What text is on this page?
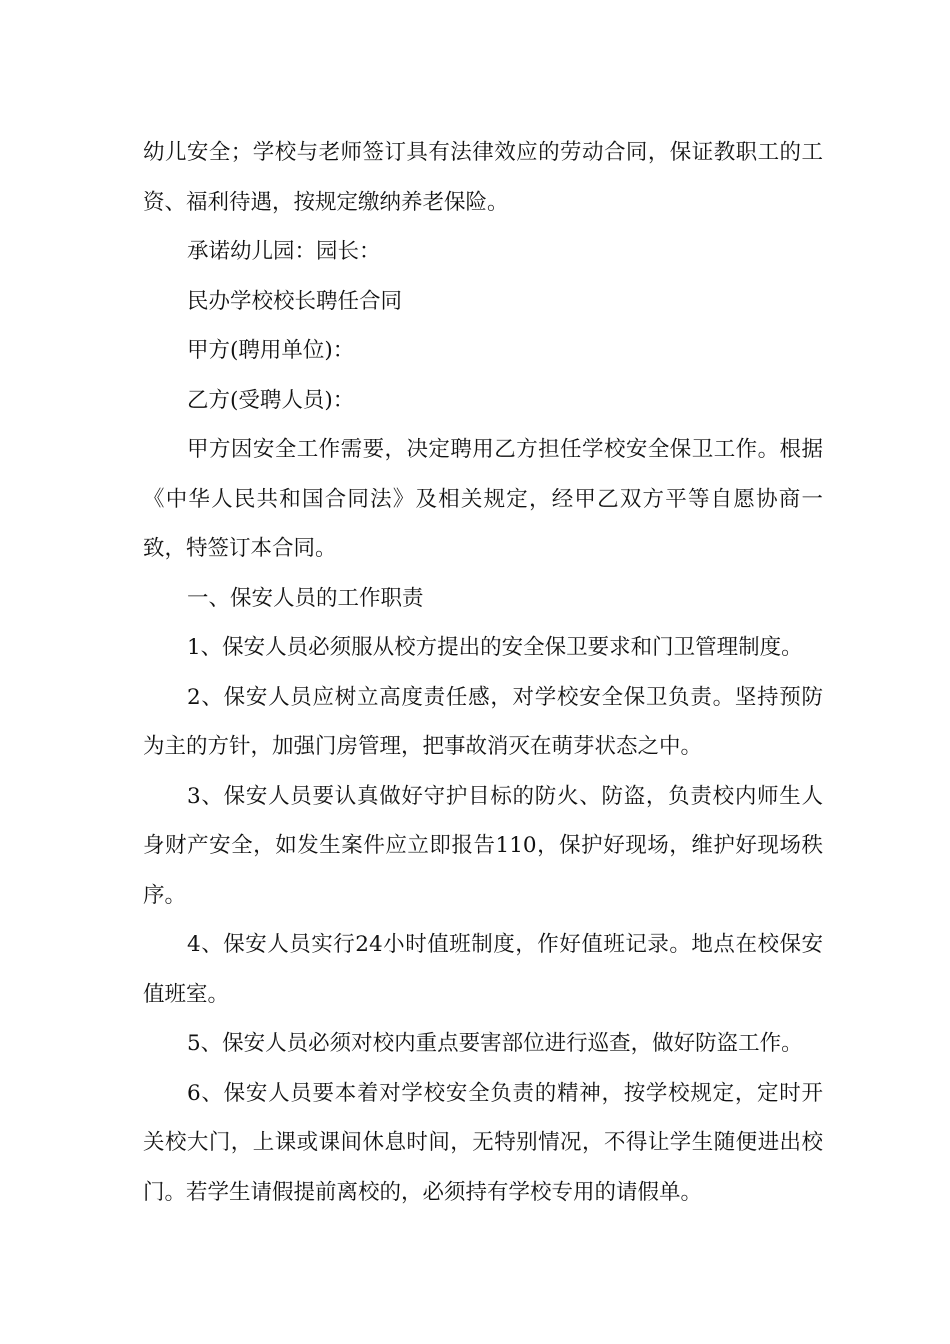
幼儿安全；学校与老师签订具有法律效应的劳动合同，保证教职工的工资、福利待遇，按规定缴纳养老保险。

承诺幼儿园：园长：

民办学校校长聘任合同

甲方(聘用单位)：

乙方(受聘人员)：

甲方因安全工作需要，决定聘用乙方担任学校安全保卫工作。根据《中华人民共和国合同法》及相关规定，经甲乙双方平等自愿协商一致，特签订本合同。

一、保安人员的工作职责

1、保安人员必须服从校方提出的安全保卫要求和门卫管理制度。

2、保安人员应树立高度责任感，对学校安全保卫负责。坚持预防为主的方针，加强门房管理，把事故消灭在萌芽状态之中。

3、保安人员要认真做好守护目标的防火、防盗，负责校内师生人身财产安全，如发生案件应立即报告110，保护好现场，维护好现场秩序。

4、保安人员实行24小时值班制度，作好值班记录。地点在校保安值班室。

5、保安人员必须对校内重点要害部位进行巡查，做好防盗工作。

6、保安人员要本着对学校安全负责的精神，按学校规定，定时开关校大门，上课或课间休息时间，无特别情况，不得让学生随便进出校门。若学生请假提前离校的，必须持有学校专用的请假单。
